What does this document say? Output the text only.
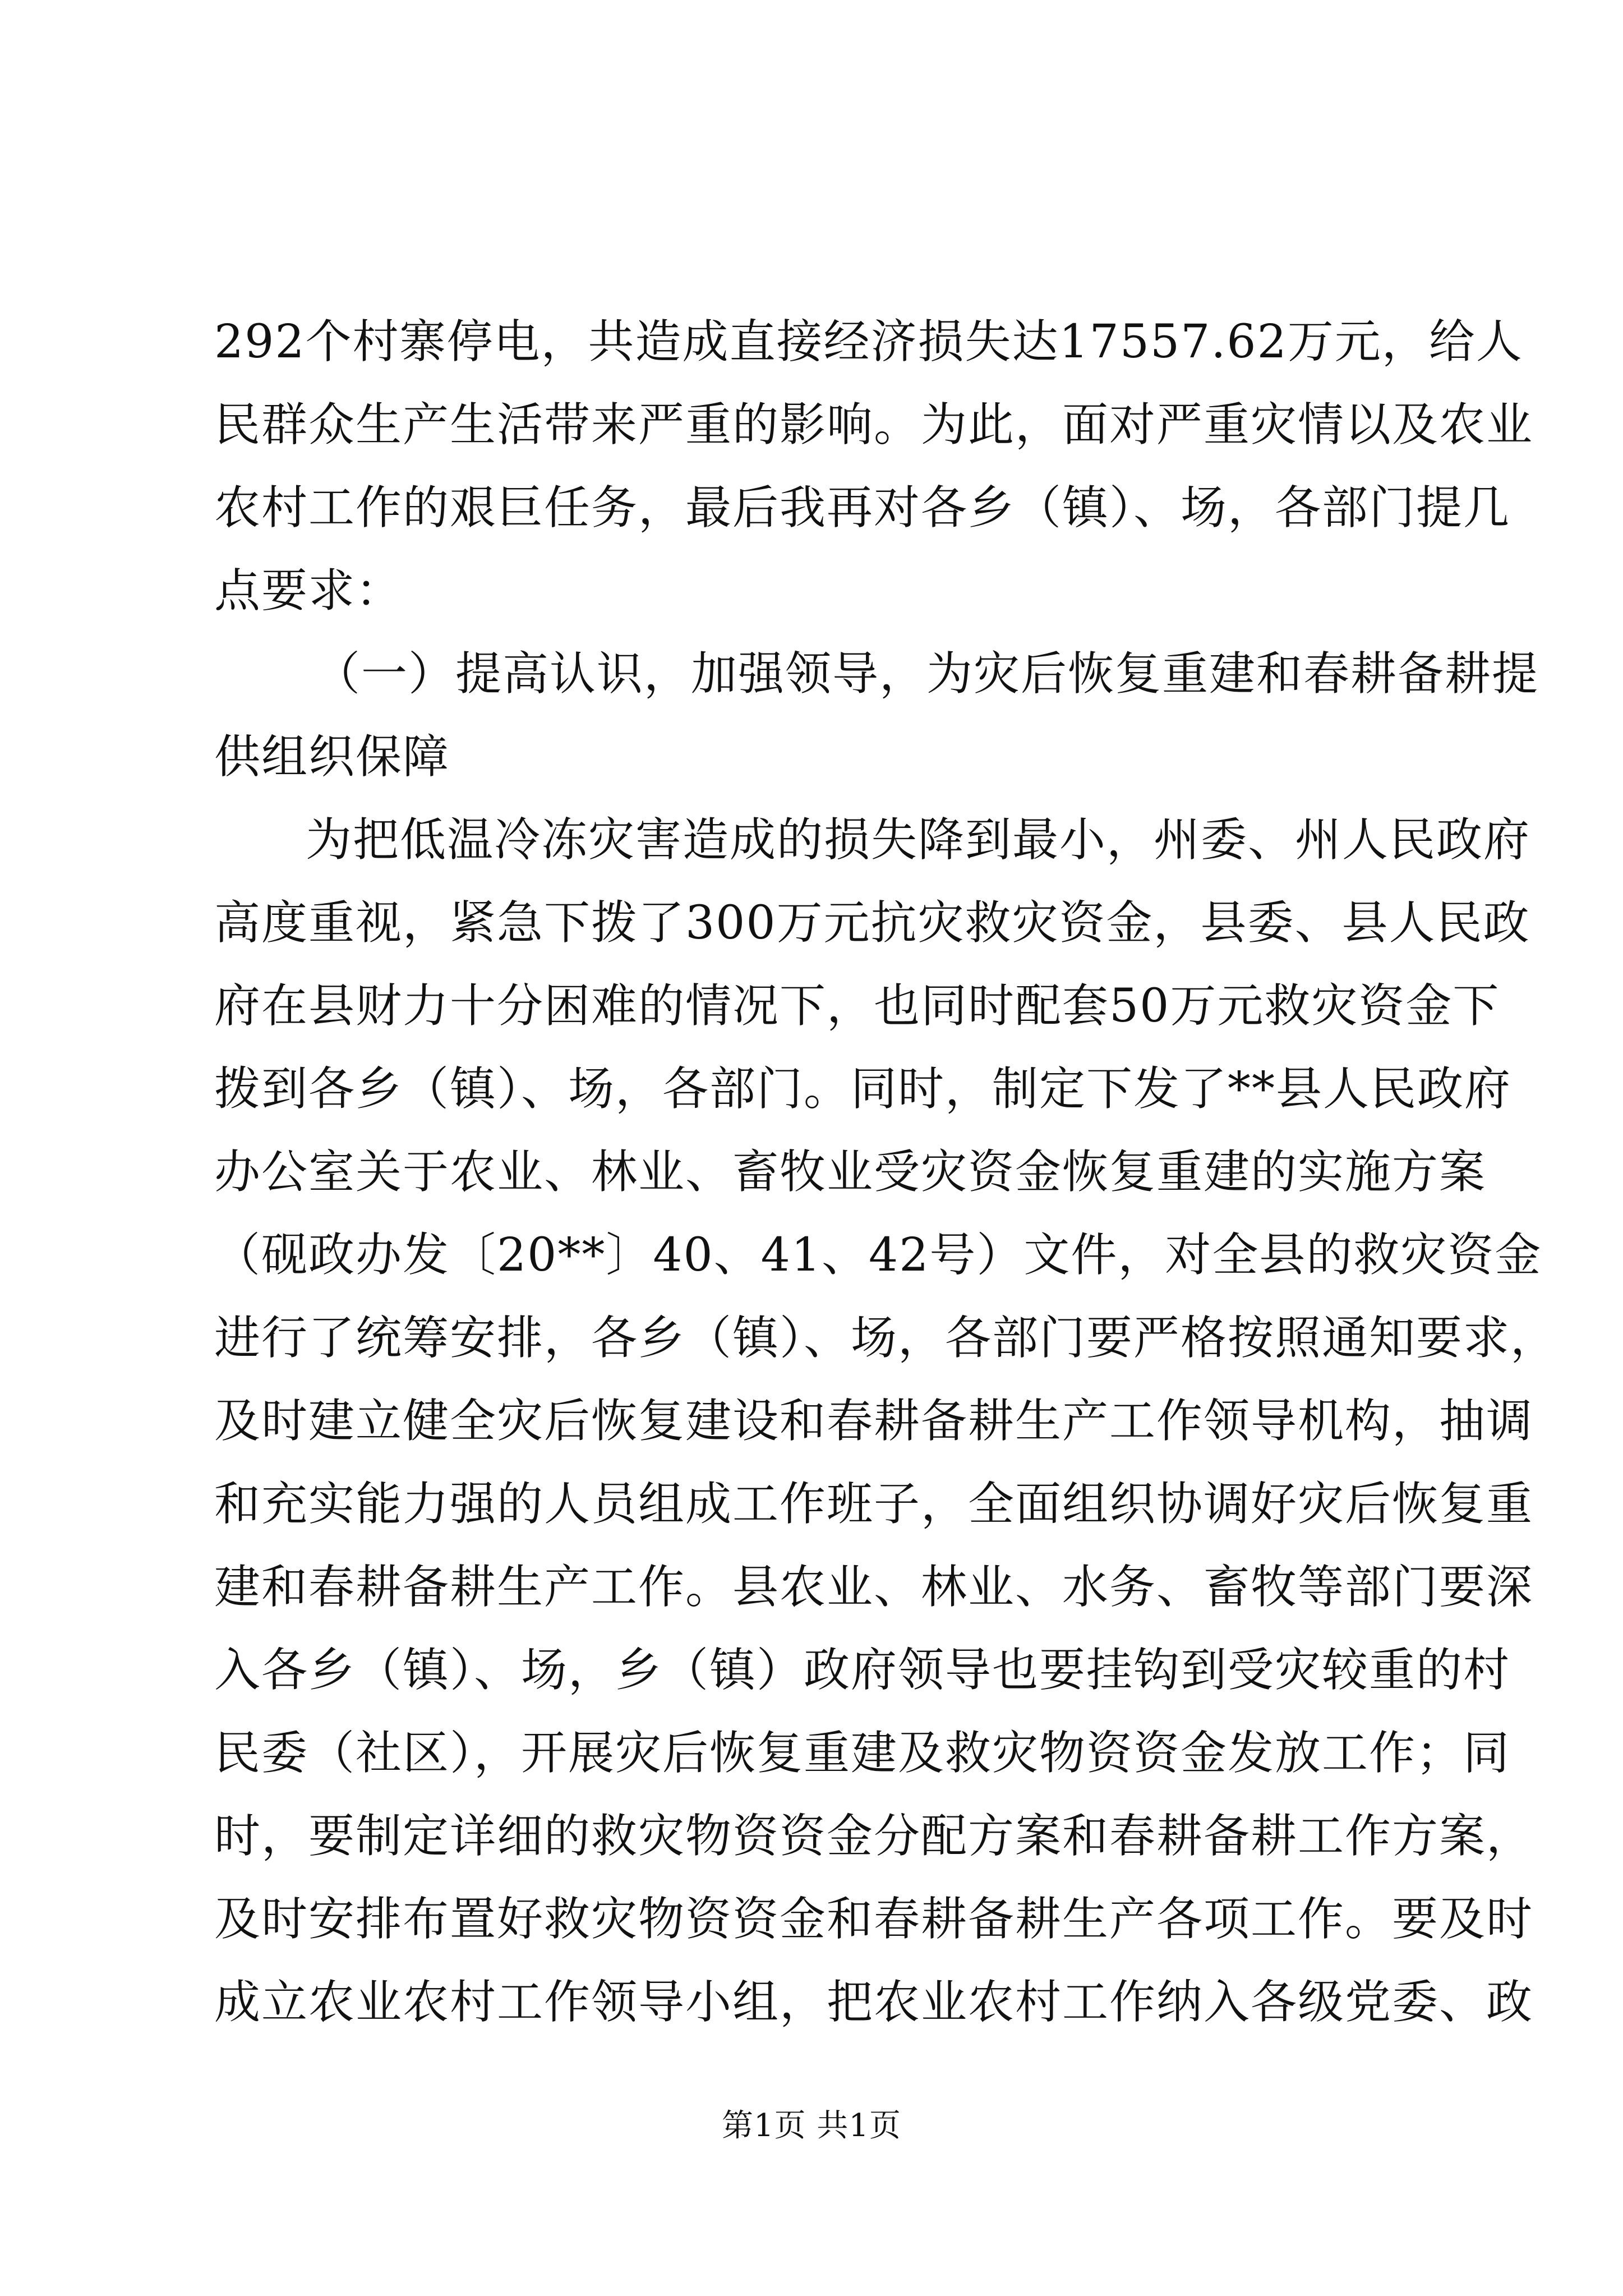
292个村寨停电，共造成直接经济损失达17557.62万元，给人
民群众生产生活带来严重的影响。为此，面对严重灾情以及农业
农村工作的艰巨任务，最后我再对各乡（镇）、场，各部门提几
点要求：
（一）提高认识，加强领导，为灾后恢复重建和春耕备耕提
供组织保障
为把低温冷冻灾害造成的损失降到最小，州委、州人民政府
高度重视，紧急下拨了300万元抗灾救灾资金，县委、县人民政
府在县财力十分困难的情况下，也同时配套50万元救灾资金下
拨到各乡（镇）、场，各部门。同时，制定下发了**县人民政府
办公室关于农业、林业、畜牧业受灾资金恢复重建的实施方案
（砚政办发〔20**〕40、41、42号）文件，对全县的救灾资金
进行了统筹安排，各乡（镇）、场，各部门要严格按照通知要求，
及时建立健全灾后恢复建设和春耕备耕生产工作领导机构，抽调
和充实能力强的人员组成工作班子，全面组织协调好灾后恢复重
建和春耕备耕生产工作。县农业、林业、水务、畜牧等部门要深
入各乡（镇）、场，乡（镇）政府领导也要挂钩到受灾较重的村
民委（社区），开展灾后恢复重建及救灾物资资金发放工作；同
时，要制定详细的救灾物资资金分配方案和春耕备耕工作方案，
及时安排布置好救灾物资资金和春耕备耕生产各项工作。要及时
成立农业农村工作领导小组，把农业农村工作纳入各级党委、政
第1页 共1页
